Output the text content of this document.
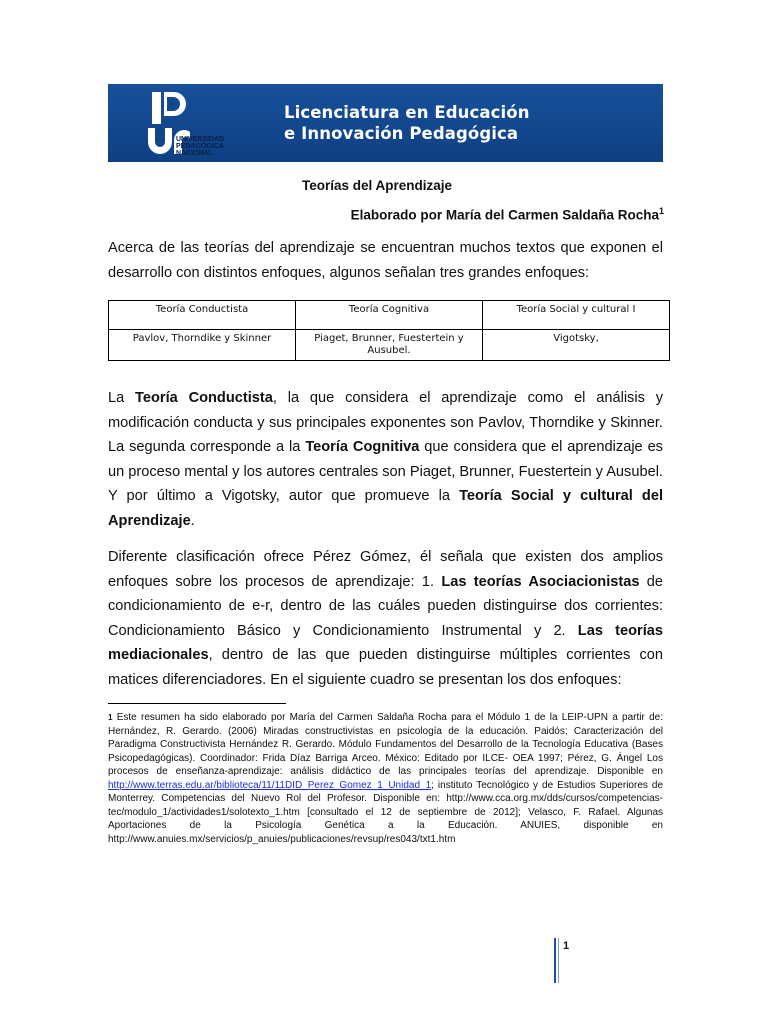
UNIVERSIDAD
PEDAGÓGICA
NACIONAL
Licenciatura en Educación
e Innovación Pedagógica
Teorías del Aprendizaje
Elaborado por María del Carmen Saldaña Rocha$^1$
Acerca de las teorías del aprendizaje se encuentran muchos textos que exponen el desarrollo con distintos enfoques, algunos señalan tres grandes enfoques:
Teoría Conductista	Teoría Cognitiva	Teoría Social y cultural I
Pavlov, Thorndike y Skinner	Piaget, Brunner, Fuestertein y Ausubel.	Vigotsky,
La Teoría Conductista, la que considera el aprendizaje como el análisis y modificación conducta y sus principales exponentes son Pavlov, Thorndike y Skinner. La segunda corresponde a la Teoría Cognitiva que considera que el aprendizaje es un proceso mental y los autores centrales son Piaget, Brunner, Fuestertein y Ausubel. Y por último a Vigotsky, autor que promueve la Teoría Social y cultural del Aprendizaje.
Diferente clasificación ofrece Pérez Gómez, él señala que existen dos amplios enfoques sobre los procesos de aprendizaje: 1. Las teorías Asociacionistas de condicionamiento de e-r, dentro de las cuáles pueden distinguirse dos corrientes: Condicionamiento Básico y Condicionamiento Instrumental y 2. Las teorías mediacionales, dentro de las que pueden distinguirse múltiples corrientes con matices diferenciadores. En el siguiente cuadro se presentan los dos enfoques:
$^1$ Este resumen ha sido elaborado por María del Carmen Saldaña Rocha para el Módulo 1 de la LEIP-UPN a partir de: Hernández, R. Gerardo. (2006) Miradas constructivistas en psicología de la educación. Paidós; Caracterización del Paradigma Constructivista Hernández R. Gerardo. Módulo Fundamentos del Desarrollo de la Tecnología Educativa (Bases Psicopedagógicas). Coordinador: Frida Díaz Barriga Arceo. México: Editado por ILCE- OEA 1997; Pérez, G. Ángel Los procesos de enseñanza-aprendizaje: análisis didáctico de las principales teorías del aprendizaje. Disponible en http://www.terras.edu.ar/biblioteca/11/11DID_Perez_Gomez_1_Unidad_1; instituto Tecnológico y de Estudios Superiores de Monterrey. Competencias del Nuevo Rol del Profesor. Disponible en: http://www.cca.org.mx/dds/cursos/competencias-tec/modulo_1/actividades1/solotexto_1.htm [consultado el 12 de septiembre de 2012]; Velasco, F. Rafael. Algunas Aportaciones de la Psicología Genética a la Educación. ANUIES, disponible en http://www.anuies.mx/servicios/p_anuies/publicaciones/revsup/res043/txt1.htm
1
